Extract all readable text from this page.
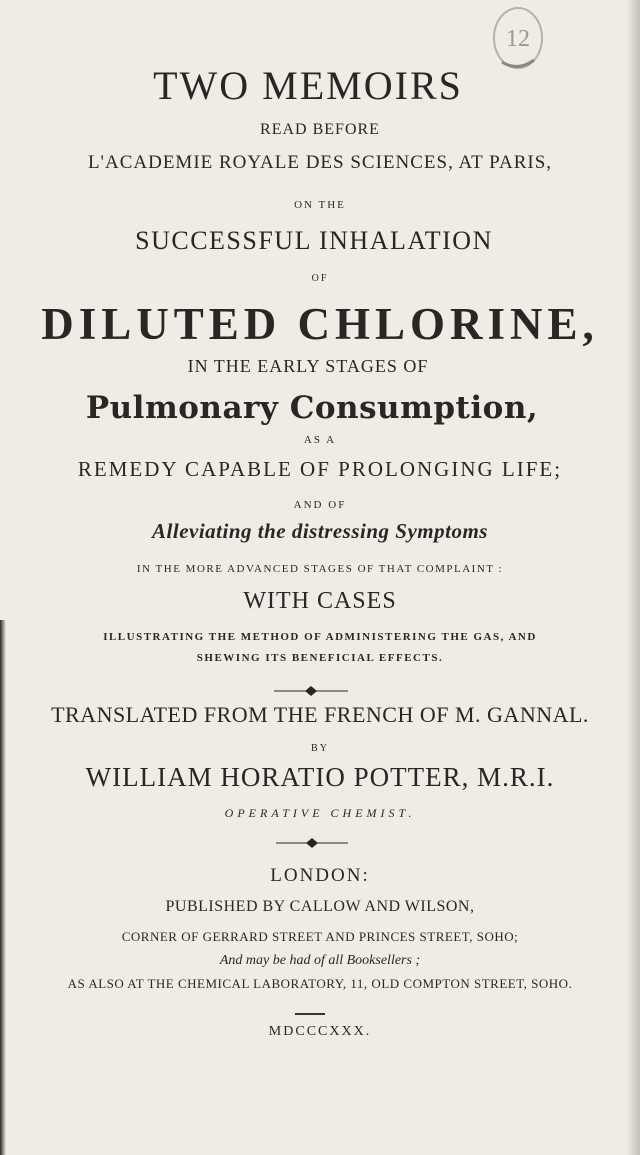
12
TWO MEMOIRS
READ BEFORE
L'ACADEMIE ROYALE DES SCIENCES, AT PARIS,
ON THE
SUCCESSFUL INHALATION
OF
DILUTED CHLORINE,
IN THE EARLY STAGES OF
Pulmonary Consumption,
AS A
REMEDY CAPABLE OF PROLONGING LIFE;
AND OF
Alleviating the distressing Symptoms
IN THE MORE ADVANCED STAGES OF THAT COMPLAINT :
WITH CASES
ILLUSTRATING THE METHOD OF ADMINISTERING THE GAS, AND
SHEWING ITS BENEFICIAL EFFECTS.
TRANSLATED FROM THE FRENCH OF M. GANNAL.
BY
WILLIAM HORATIO POTTER, M.R.I.
OPERATIVE CHEMIST.
LONDON:
PUBLISHED BY CALLOW AND WILSON,
CORNER OF GERRARD STREET AND PRINCES STREET, SOHO;
And may be had of all Booksellers ;
AS ALSO AT THE CHEMICAL LABORATORY, 11, OLD COMPTON STREET, SOHO.
MDCCCXXX.
